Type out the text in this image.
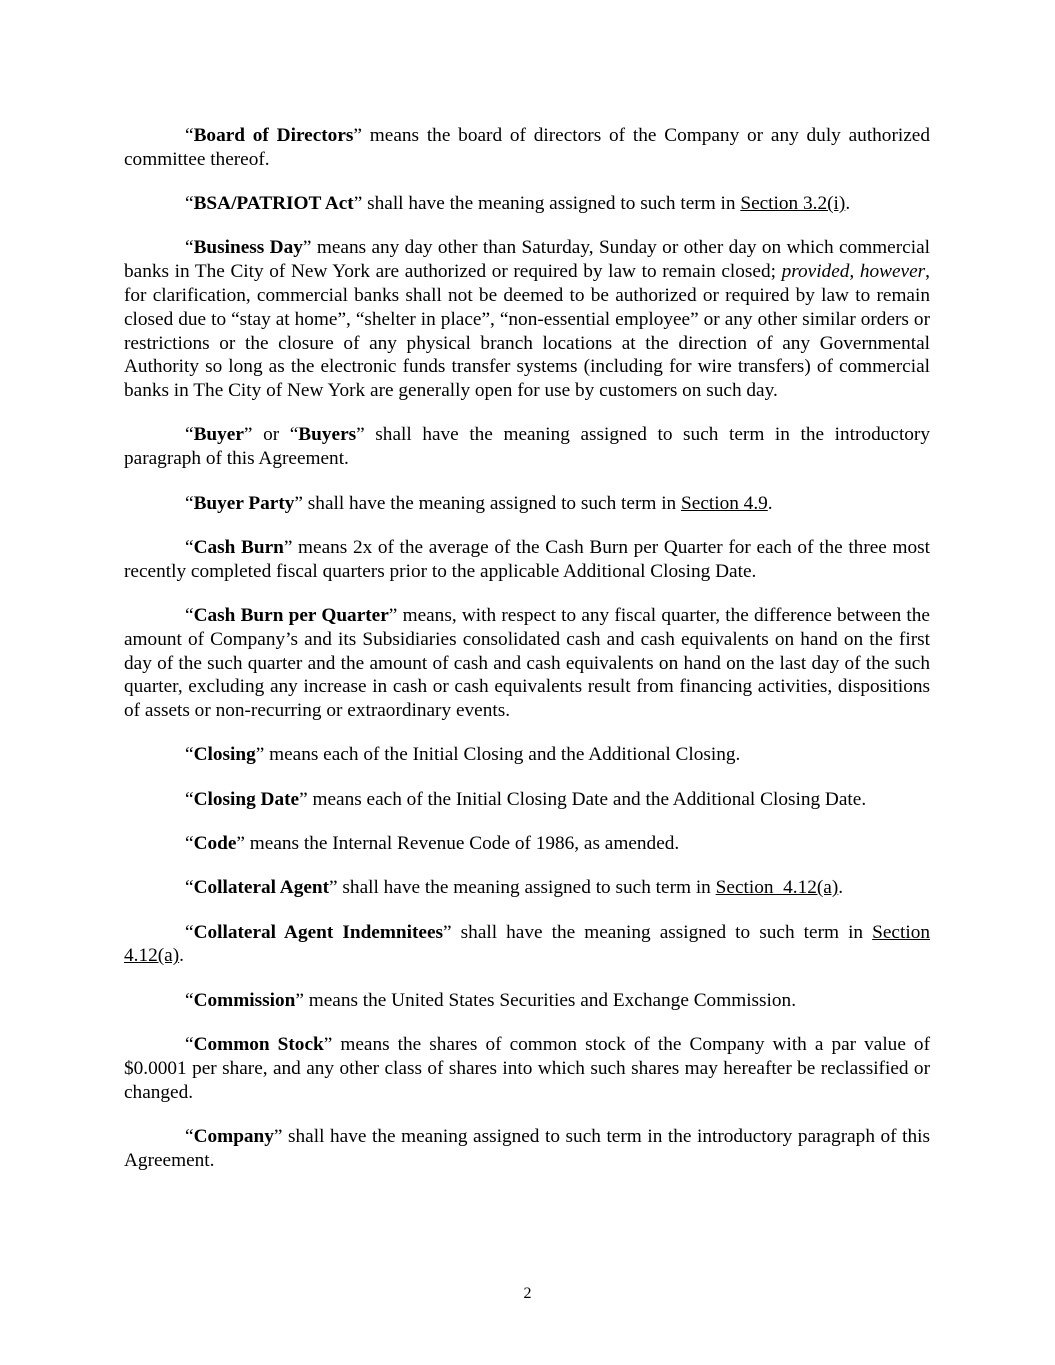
“Board of Directors” means the board of directors of the Company or any duly authorized committee thereof.

“BSA/PATRIOT Act” shall have the meaning assigned to such term in Section 3.2(i).

“Business Day” means any day other than Saturday, Sunday or other day on which commercial banks in The City of New York are authorized or required by law to remain closed; provided, however, for clarification, commercial banks shall not be deemed to be authorized or required by law to remain closed due to “stay at home”, “shelter in place”, “non-essential employee” or any other similar orders or restrictions or the closure of any physical branch locations at the direction of any Governmental Authority so long as the electronic funds transfer systems (including for wire transfers) of commercial banks in The City of New York are generally open for use by customers on such day.

“Buyer” or “Buyers” shall have the meaning assigned to such term in the introductory paragraph of this Agreement.

“Buyer Party” shall have the meaning assigned to such term in Section 4.9.

“Cash Burn” means 2x of the average of the Cash Burn per Quarter for each of the three most recently completed fiscal quarters prior to the applicable Additional Closing Date.

“Cash Burn per Quarter” means, with respect to any fiscal quarter, the difference between the amount of Company’s and its Subsidiaries consolidated cash and cash equivalents on hand on the first day of the such quarter and the amount of cash and cash equivalents on hand on the last day of the such quarter, excluding any increase in cash or cash equivalents result from financing activities, dispositions of assets or non-recurring or extraordinary events.

“Closing” means each of the Initial Closing and the Additional Closing.

“Closing Date” means each of the Initial Closing Date and the Additional Closing Date.

“Code” means the Internal Revenue Code of 1986, as amended.

“Collateral Agent” shall have the meaning assigned to such term in Section  4.12(a).

“Collateral Agent Indemnitees” shall have the meaning assigned to such term in Section 4.12(a).

“Commission” means the United States Securities and Exchange Commission.

“Common Stock” means the shares of common stock of the Company with a par value of $0.0001 per share, and any other class of shares into which such shares may hereafter be reclassified or changed.

“Company” shall have the meaning assigned to such term in the introductory paragraph of this Agreement.

2
